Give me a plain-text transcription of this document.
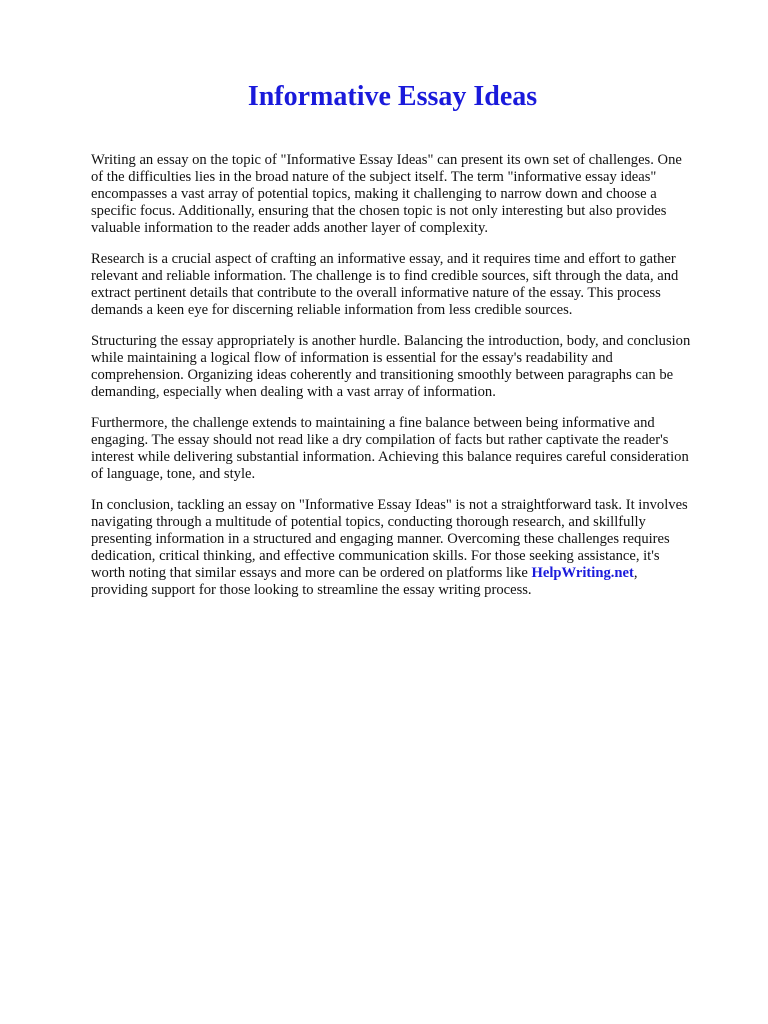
Informative Essay Ideas

Writing an essay on the topic of "Informative Essay Ideas" can present its own set of challenges. One of the difficulties lies in the broad nature of the subject itself. The term "informative essay ideas" encompasses a vast array of potential topics, making it challenging to narrow down and choose a specific focus. Additionally, ensuring that the chosen topic is not only interesting but also provides valuable information to the reader adds another layer of complexity.

Research is a crucial aspect of crafting an informative essay, and it requires time and effort to gather relevant and reliable information. The challenge is to find credible sources, sift through the data, and extract pertinent details that contribute to the overall informative nature of the essay. This process demands a keen eye for discerning reliable information from less credible sources.

Structuring the essay appropriately is another hurdle. Balancing the introduction, body, and conclusion while maintaining a logical flow of information is essential for the essay's readability and comprehension. Organizing ideas coherently and transitioning smoothly between paragraphs can be demanding, especially when dealing with a vast array of information.

Furthermore, the challenge extends to maintaining a fine balance between being informative and engaging. The essay should not read like a dry compilation of facts but rather captivate the reader's interest while delivering substantial information. Achieving this balance requires careful consideration of language, tone, and style.

In conclusion, tackling an essay on "Informative Essay Ideas" is not a straightforward task. It involves navigating through a multitude of potential topics, conducting thorough research, and skillfully presenting information in a structured and engaging manner. Overcoming these challenges requires dedication, critical thinking, and effective communication skills. For those seeking assistance, it's worth noting that similar essays and more can be ordered on platforms like HelpWriting.net, providing support for those looking to streamline the essay writing process.
